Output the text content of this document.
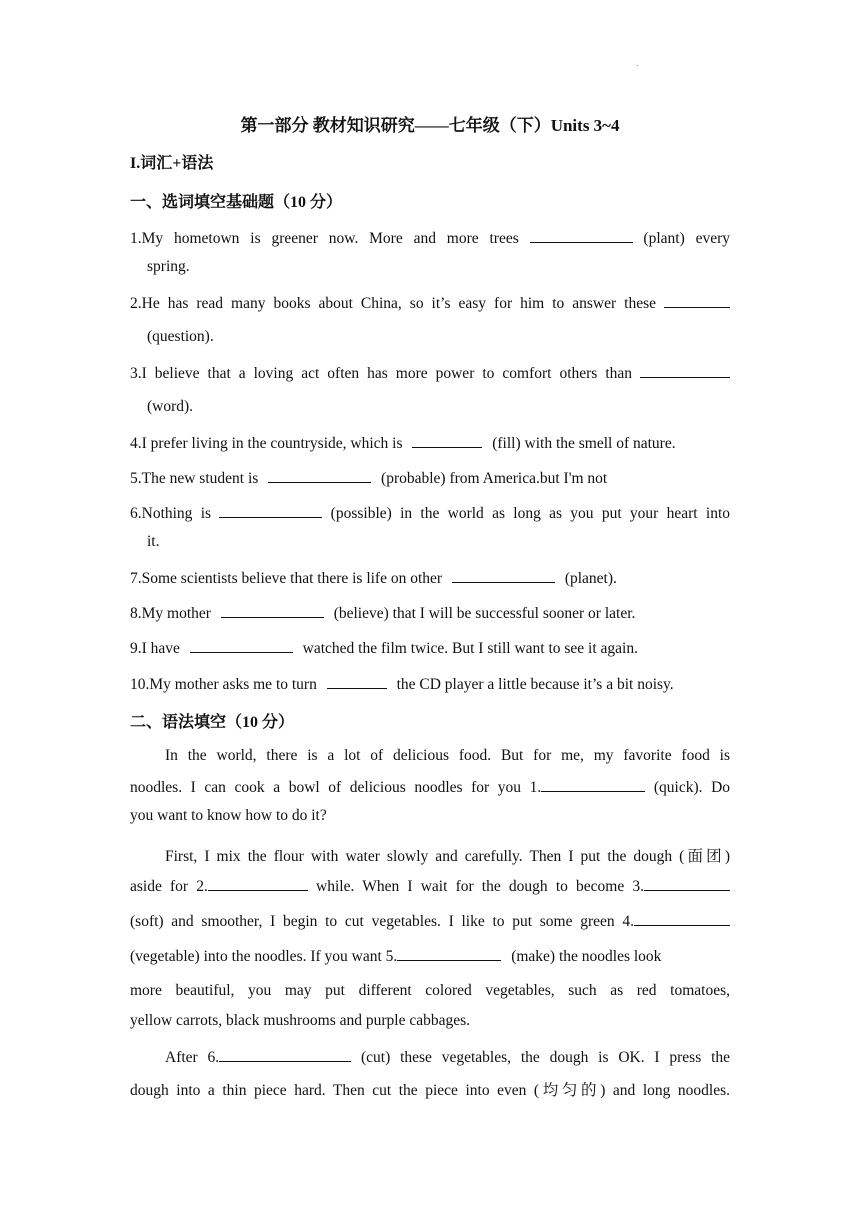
.
第一部分 教材知识研究——七年级（下）Units 3~4
I.词汇+语法
一、选词填空基础题（10 分）
1.My hometown is greener now. More and more trees	(plant) every
spring.
2.He has read many books about China, so it’s easy for him to answer these
(question).
3.I believe that a loving act often has more power to comfort others than
(word).
4.I prefer living in the countryside, which is	(fill) with the smell of nature.
5.The new student is	(probable) from America.but I'm not
6.Nothing is	(possible) in the world as long as you put your heart into
it.
7.Some scientists believe that there is life on other	(planet).
8.My mother	(believe) that I will be successful sooner or later.
9.I have	watched the film twice. But I still want to see it again.
10.My mother asks me to turn	the CD player a little because it’s a bit noisy.
二、语法填空（10 分）
In the world, there is a lot of delicious food. But for me, my favorite food is
noodles. I can cook a bowl of delicious noodles for you 1.	(quick). Do
you want to know how to do it?
First, I mix the flour with water slowly and carefully. Then I put the dough (面团)
aside for 2.	while. When I wait for the dough to become 3.
(soft) and smoother, I begin to cut vegetables. I like to put some green 4.
(vegetable) into the noodles. If you want 5.	(make) the noodles look
more beautiful, you may put different colored vegetables, such as red tomatoes,
yellow carrots, black mushrooms and purple cabbages.
After 6.	(cut) these vegetables, the dough is OK. I press the
dough into a thin piece hard. Then cut the piece into even (均匀的) and long noodles.
